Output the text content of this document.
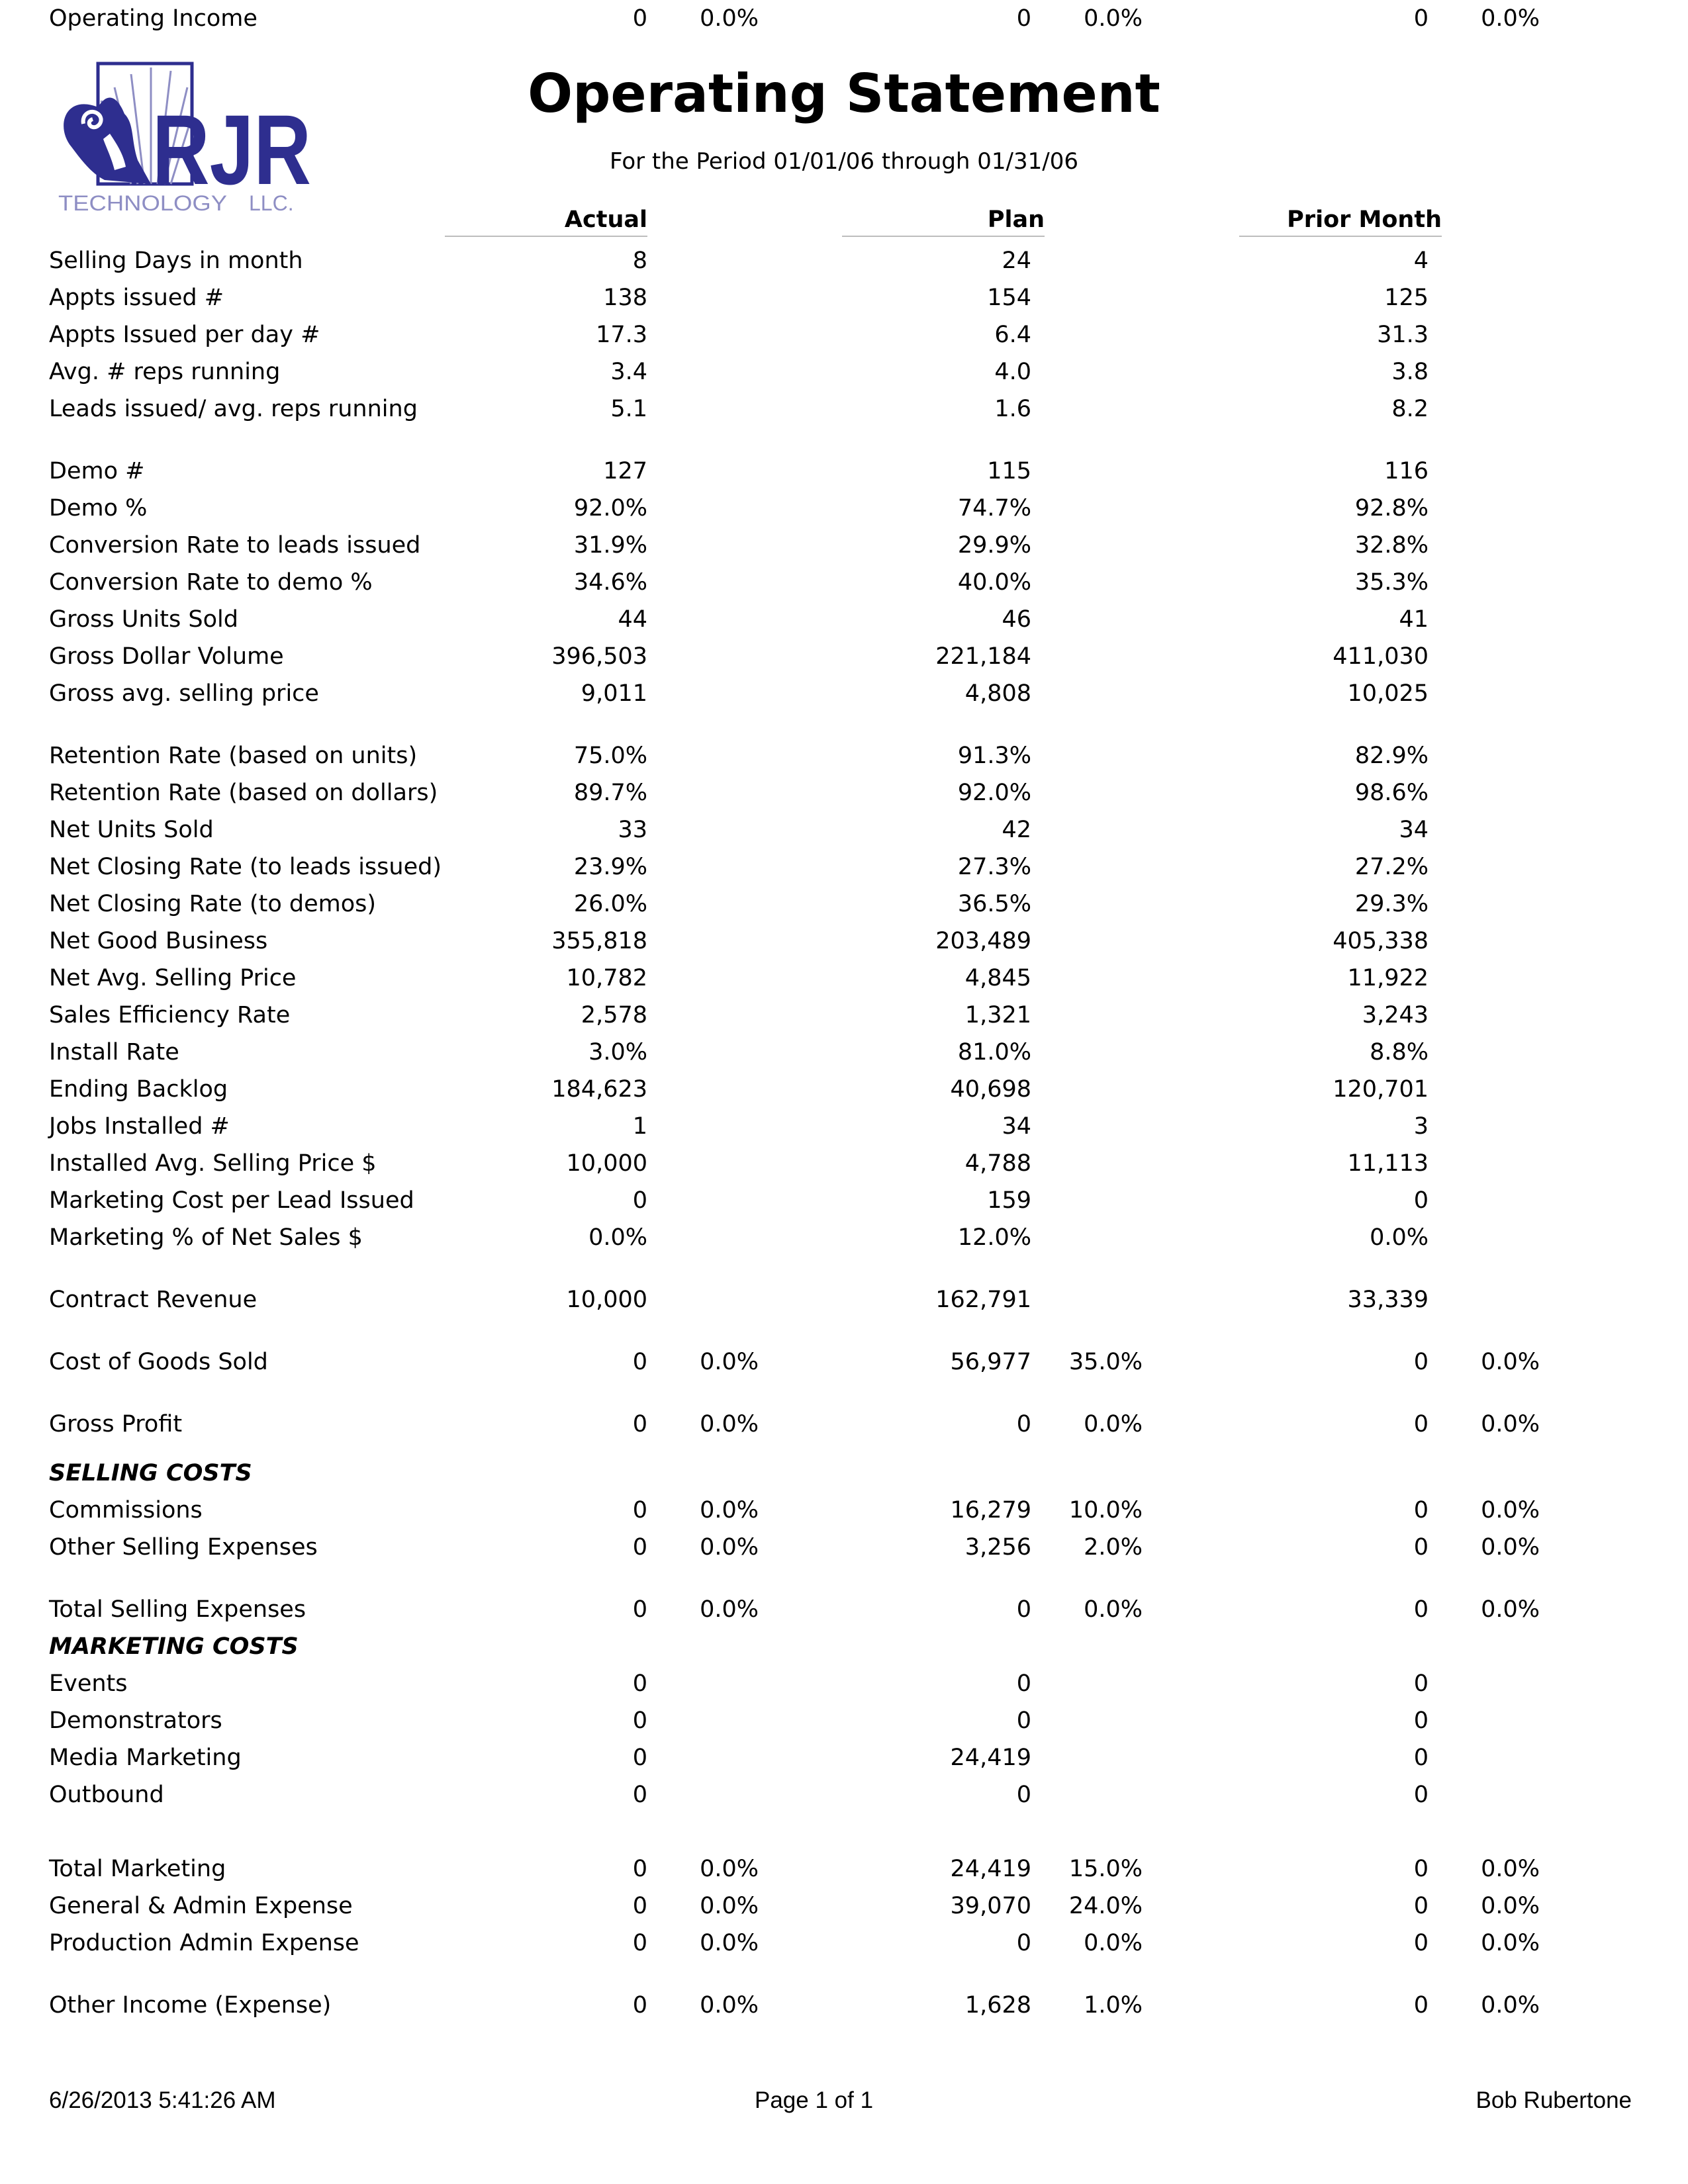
RJR
TECHNOLOGY LLC.
Operating Statement
For the Period 01/01/06 through 01/31/06
Actual	Plan	Prior Month
Selling Days in month	8	24	4
Appts issued #	138	154	125
Appts Issued per day #	17.3	6.4	31.3
Avg. # reps running	3.4	4.0	3.8
Leads issued/ avg. reps running	5.1	1.6	8.2
Demo #	127	115	116
Demo %	92.0%	74.7%	92.8%
Conversion Rate to leads issued	31.9%	29.9%	32.8%
Conversion Rate to demo %	34.6%	40.0%	35.3%
Gross Units Sold	44	46	41
Gross Dollar Volume	396,503	221,184	411,030
Gross avg. selling price	9,011	4,808	10,025
Retention Rate (based on units)	75.0%	91.3%	82.9%
Retention Rate (based on dollars)	89.7%	92.0%	98.6%
Net Units Sold	33	42	34
Net Closing Rate (to leads issued)	23.9%	27.3%	27.2%
Net Closing Rate (to demos)	26.0%	36.5%	29.3%
Net Good Business	355,818	203,489	405,338
Net Avg. Selling Price	10,782	4,845	11,922
Sales Efficiency Rate	2,578	1,321	3,243
Install Rate	3.0%	81.0%	8.8%
Ending Backlog	184,623	40,698	120,701
Jobs Installed #	1	34	3
Installed Avg. Selling Price $	10,000	4,788	11,113
Marketing Cost per Lead Issued	0	159	0
Marketing % of Net Sales $	0.0%	12.0%	0.0%
Contract Revenue	10,000	162,791	33,339
Cost of Goods Sold	0	0.0%	56,977	35.0%	0	0.0%
Gross Profit	0	0.0%	0	0.0%	0	0.0%
SELLING COSTS
Commissions	0	0.0%	16,279	10.0%	0	0.0%
Other Selling Expenses	0	0.0%	3,256	2.0%	0	0.0%
Total Selling Expenses	0	0.0%	0	0.0%	0	0.0%
MARKETING COSTS
Events	0	0	0
Demonstrators	0	0	0
Media Marketing	0	24,419	0
Outbound	0	0	0
Total Marketing	0	0.0%	24,419	15.0%	0	0.0%
General & Admin Expense	0	0.0%	39,070	24.0%	0	0.0%
Production Admin Expense	0	0.0%	0	0.0%	0	0.0%
Other Income (Expense)	0	0.0%	1,628	1.0%	0	0.0%
Operating Income	0	0.0%	0	0.0%	0	0.0%
6/26/2013 5:41:26 AM	Page 1 of 1	Bob Rubertone
